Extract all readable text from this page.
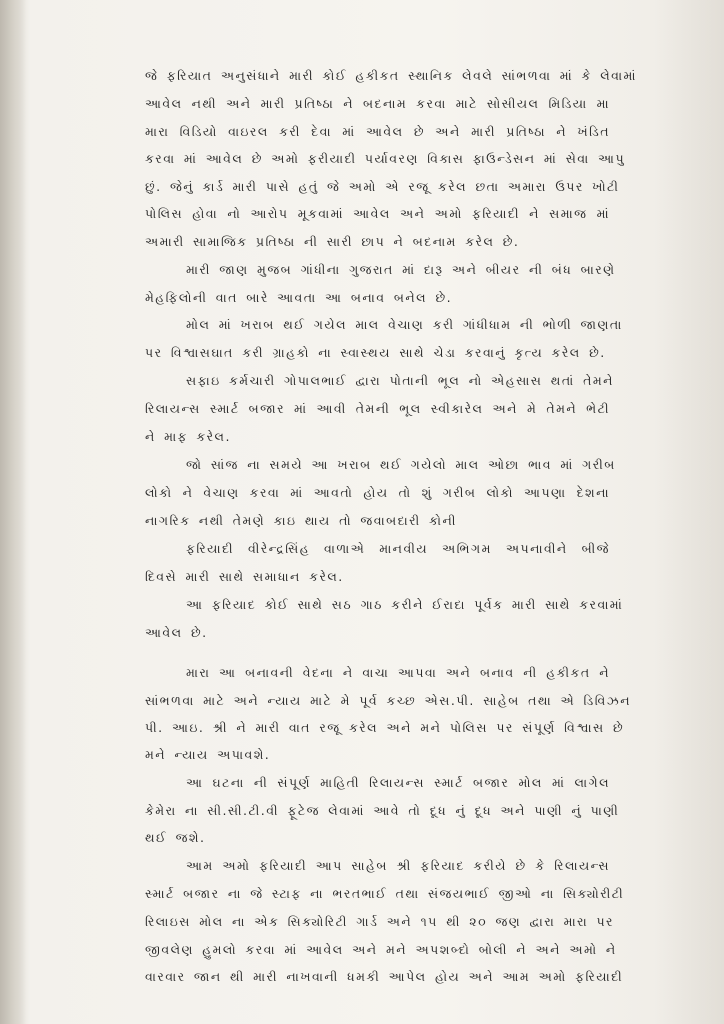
જે ફરિયાત અનુસંધાને મારી કોઈ હકીકત સ્થાનિક લેવલે સાંભળવા માં કે લેવામાં
આવેલ નથી અને મારી પ્રતિષ્ઠા ને બદનામ કરવા માટે સોસીયલ મિડિયા મા
મારા વિડિયો વાઇરલ કરી દેવા માં આવેલ છે અને મારી પ્રતિષ્ઠા ને ખંડિત
કરવા માં આવેલ છે અમો ફરીયાદી પર્યાવરણ વિકાસ ફાઉન્ડેસન માં સેવા આપુ
છું. જેનું કાર્ડ મારી પાસે હતું જે અમો એ રજૂ કરેલ છતા અમારા ઉપર ખોટી
પોલિસ હોવા નો આરોપ મૂકવામાં આવેલ અને અમો ફરિયાદી ને સમાજ માં
અમારી સામાજિક પ્રતિષ્ઠા ની સારી છાપ ને બદનામ કરેલ છે.
મારી જાણ મુજબ ગાંધીના ગુજરાત માં દારૂ અને બીયર ની બંધ બારણે
મેહફિલોની વાત બારે આવતા આ બનાવ બનેલ છે.
મોલ માં ખરાબ થઈ ગયેલ માલ વેચાણ કરી ગાંધીધામ ની ભોળી જાણતા
પર વિશ્વાસઘાત કરી ગ્રાહકો ના સ્વાસ્થય સાથે ચેડા કરવાનું કૃત્ય કરેલ છે.
સફાઇ કર્મચારી ગોપાલભાઈ દ્વારા પોતાની ભૂલ નો એહસાસ થતાં તેમને
રિલાયન્સ સ્માર્ટ બજાર માં આવી તેમની ભૂલ સ્વીકારેલ અને મે તેમને ભેટી
ને માફ કરેલ.
જો સાંજ ના સમયે આ ખરાબ થઈ ગયેલો માલ ઓછા ભાવ માં ગરીબ
લોકો ને વેચાણ કરવા માં આવતો હોય તો શું ગરીબ લોકો આપણા દેશના
નાગરિક નથી તેમણે કાઇ થાય તો જવાબદારી કોની
ફરિયાદી વીરેન્દ્રસિંહ વાળાએ માનવીય અભિગમ અપનાવીને બીજે
દિવસે મારી સાથે સમાધાન કરેલ.
આ ફરિયાદ કોઈ સાથે સઠ ગાઠ કરીને ઈરાદા પૂર્વક મારી સાથે કરવામાં
આવેલ છે.
મારા આ બનાવની વેદના ને વાચા આપવા અને બનાવ ની હકીકત ને
સાંભળવા માટે અને ન્યાય માટે મે પૂર્વ કચ્છ એસ.પી. સાહેબ તથા એ ડિવિઝન
પી. આઇ. શ્રી ને મારી વાત રજૂ કરેલ અને મને પોલિસ પર સંપૂર્ણ વિશ્વાસ છે
મને ન્યાય અપાવશે.
આ ઘટના ની સંપૂર્ણ માહિતી રિલાયન્સ સ્માર્ટ બજાર મોલ માં લાગેલ
કેમેરા ના સી.સી.ટી.વી ફૂટેજ લેવામાં આવે તો દૂધ નું દૂધ અને પાણી નું પાણી
થઈ જશે.
આમ અમો ફરિયાદી આપ સાહેબ શ્રી ફરિયાદ કરીયે છે કે રિલાયન્સ
સ્માર્ટ બજાર ના જે સ્ટાફ ના ભરતભાઈ તથા સંજયભાઈ જીઓ ના સિક્યોરીટી
રિલાઇસ મોલ ના એક સિક્યોરિટી ગાર્ડ અને ૧૫ થી ૨૦ જણ દ્વારા મારા પર
જીવલેણ હુમલો કરવા માં આવેલ અને મને અપશબ્દો બોલી ને અને અમો ને
વારવાર જાન થી મારી નાખવાની ધમકી આપેલ હોય અને આમ અમો ફરિયાદી
